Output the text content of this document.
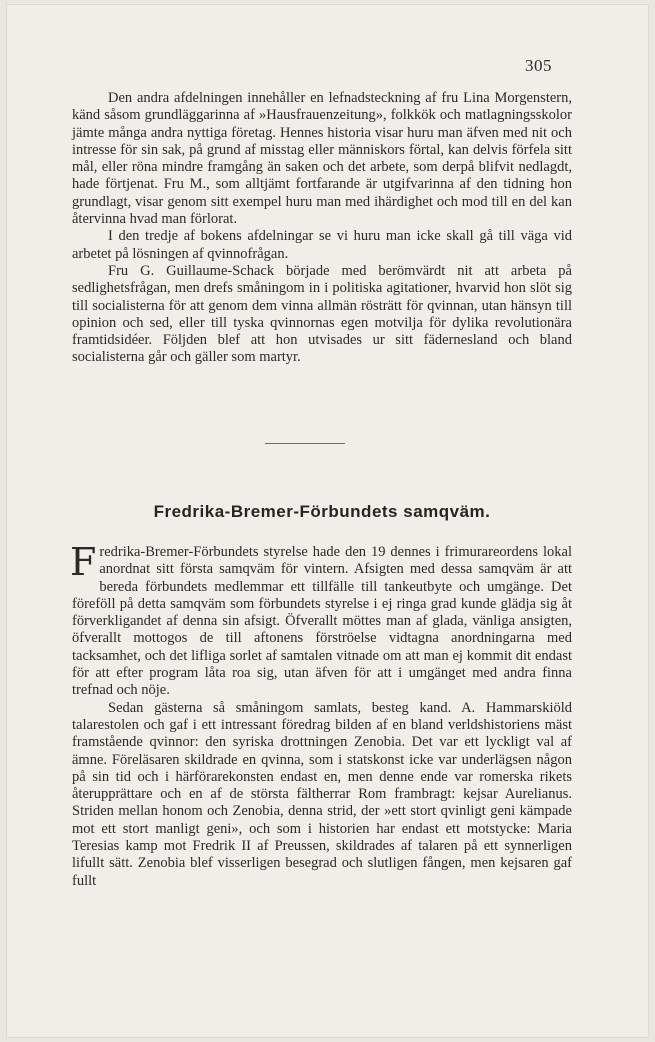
305

Den andra afdelningen innehåller en lefnadsteckning af fru Lina Morgenstern, känd såsom grundläggarinna af »Hausfrauenzeitung», folkkök och matlagningsskolor jämte många andra nyttiga företag. Hennes historia visar huru man äfven med nit och intresse för sin sak, på grund af misstag eller människors förtal, kan delvis förfela sitt mål, eller röna mindre framgång än saken och det arbete, som derpå blifvit nedlagdt, hade förtjenat. Fru M., som alltjämt fortfarande är utgifvarinna af den tidning hon grundlagt, visar genom sitt exempel huru man med ihärdighet och mod till en del kan återvinna hvad man förlorat.

I den tredje af bokens afdelningar se vi huru man icke skall gå till väga vid arbetet på lösningen af qvinnofrågan.

Fru G. Guillaume-Schack började med berömvärdt nit att arbeta på sedlighetsfrågan, men drefs småningom in i politiska agitationer, hvarvid hon slöt sig till socialisterna för att genom dem vinna allmän rösträtt för qvinnan, utan hänsyn till opinion och sed, eller till tyska qvinnornas egen motvilja för dylika revolutionära framtidsidéer. Följden blef att hon utvisades ur sitt fädernesland och bland socialisterna går och gäller som martyr.

Fredrika-Bremer-Förbundets samqväm.

Fredrika-Bremer-Förbundets styrelse hade den 19 dennes i frimurareordens lokal anordnat sitt första samqväm för vintern. Afsigten med dessa samqväm är att bereda förbundets medlemmar ett tillfälle till tankeutbyte och umgänge. Det föreföll på detta samqväm som förbundets styrelse i ej ringa grad kunde glädja sig åt förverkligandet af denna sin afsigt. Öfverallt möttes man af glada, vänliga ansigten, öfverallt mottogos de till aftonens förströelse vidtagna anordningarna med tacksamhet, och det lifliga sorlet af samtalen vitnade om att man ej kommit dit endast för att efter program låta roa sig, utan äfven för att i umgänget med andra finna trefnad och nöje.

Sedan gästerna så småningom samlats, besteg kand. A. Hammarskiöld talarestolen och gaf i ett intressant föredrag bilden af en bland verldshistoriens mäst framstående qvinnor: den syriska drottningen Zenobia. Det var ett lyckligt val af ämne. Föreläsaren skildrade en qvinna, som i statskonst icke var underlägsen någon på sin tid och i härförarekonsten endast en, men denne ende var romerska rikets återupprättare och en af de största fältherrar Rom frambragt: kejsar Aurelianus. Striden mellan honom och Zenobia, denna strid, der »ett stort qvinligt geni kämpade mot ett stort manligt geni», och som i historien har endast ett motstycke: Maria Teresias kamp mot Fredrik II af Preussen, skildrades af talaren på ett synnerligen lifullt sätt. Zenobia blef visserligen besegrad och slutligen fången, men kejsaren gaf fullt
